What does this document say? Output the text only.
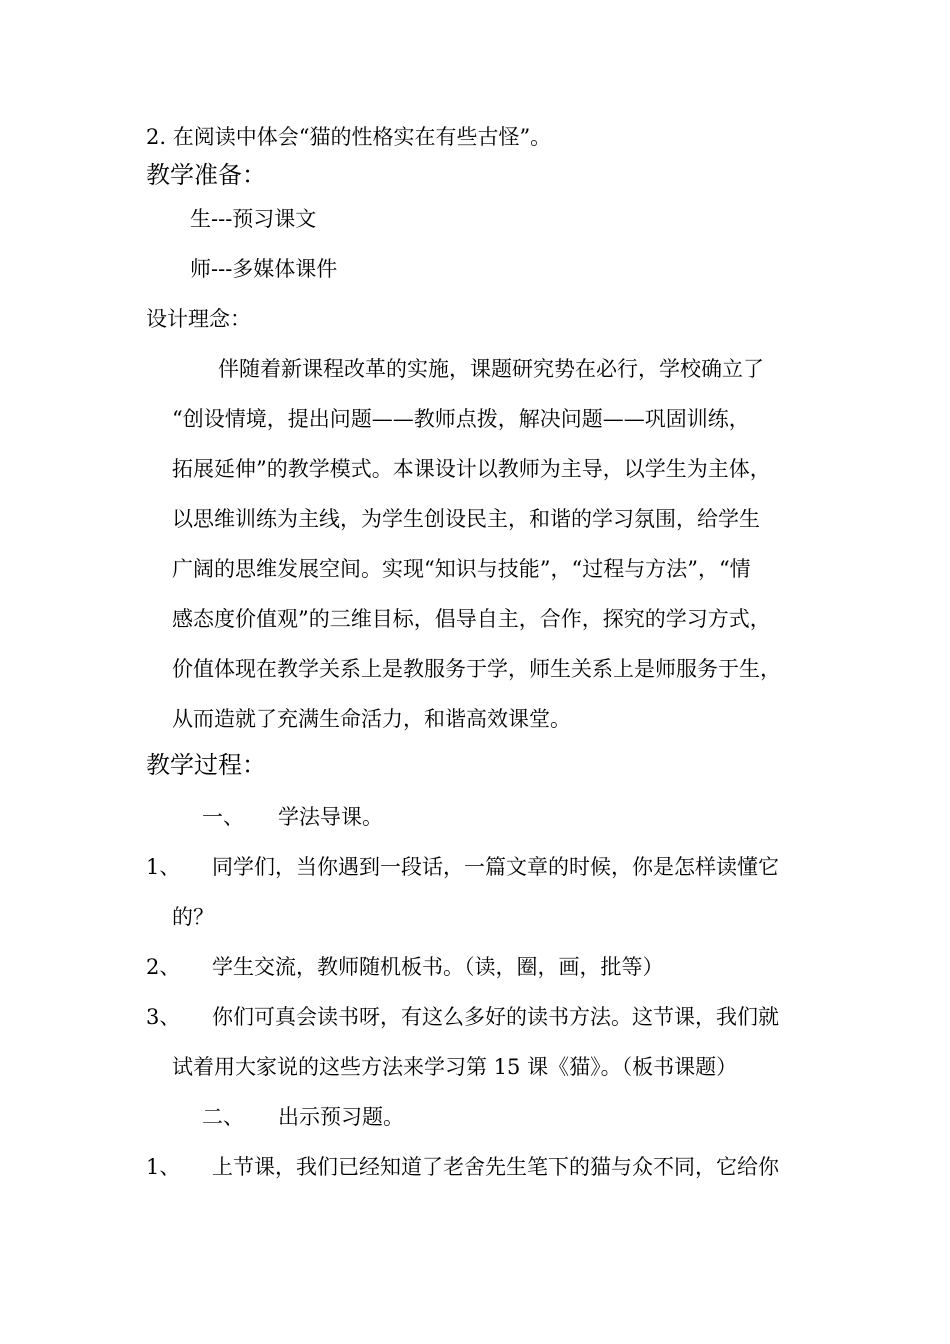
2. 在阅读中体会“猫的性格实在有些古怪”。
教学准备：
生---预习课文
师---多媒体课件
设计理念：
伴随着新课程改革的实施，课题研究势在必行，学校确立了
“创设情境，提出问题——教师点拨，解决问题——巩固训练，
拓展延伸”的教学模式。本课设计以教师为主导，以学生为主体，
以思维训练为主线，为学生创设民主，和谐的学习氛围，给学生
广阔的思维发展空间。实现“知识与技能”，“过程与方法”，“情
感态度价值观”的三维目标，倡导自主，合作，探究的学习方式，
价值体现在教学关系上是教服务于学，师生关系上是师服务于生，
从而造就了充满生命活力，和谐高效课堂。
教学过程：
一、 学法导课。
1、 同学们，当你遇到一段话，一篇文章的时候，你是怎样读懂它
的？
2、 学生交流，教师随机板书。（读，圈，画，批等）
3、 你们可真会读书呀，有这么多好的读书方法。这节课，我们就
试着用大家说的这些方法来学习第 15 课《猫》。（板书课题）
二、 出示预习题。
1、 上节课，我们已经知道了老舍先生笔下的猫与众不同，它给你
